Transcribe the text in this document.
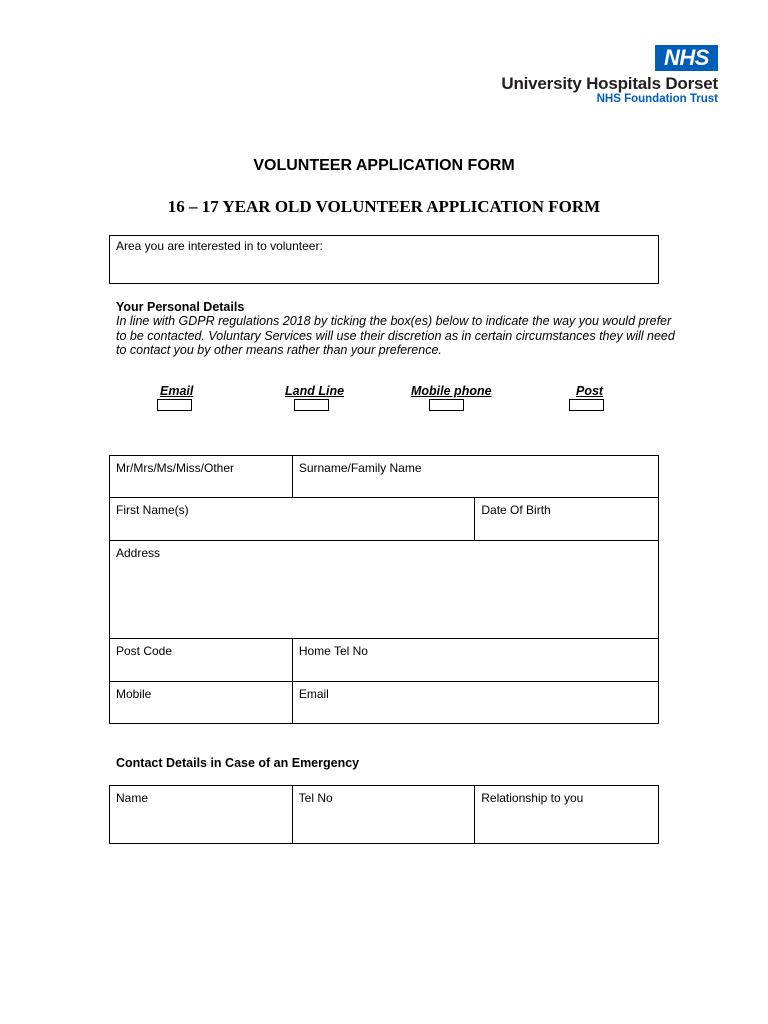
NHS
University Hospitals Dorset
NHS Foundation Trust
VOLUNTEER APPLICATION FORM
16 – 17 YEAR OLD VOLUNTEER APPLICATION FORM
Area you are interested in to volunteer:
Your Personal Details
In line with GDPR regulations 2018 by ticking the box(es) below to indicate the way you would prefer to be contacted. Voluntary Services will use their discretion as in certain circumstances they will need to contact you by other means rather than your preference.
Email	Land Line	Mobile phone	Post
Mr/Mrs/Ms/Miss/Other	Surname/Family Name	
First Name(s)		Date Of Birth
Address		
Post Code	Home Tel No	
Mobile	Email	
Contact Details in Case of an Emergency
Name	Tel No	Relationship to you
